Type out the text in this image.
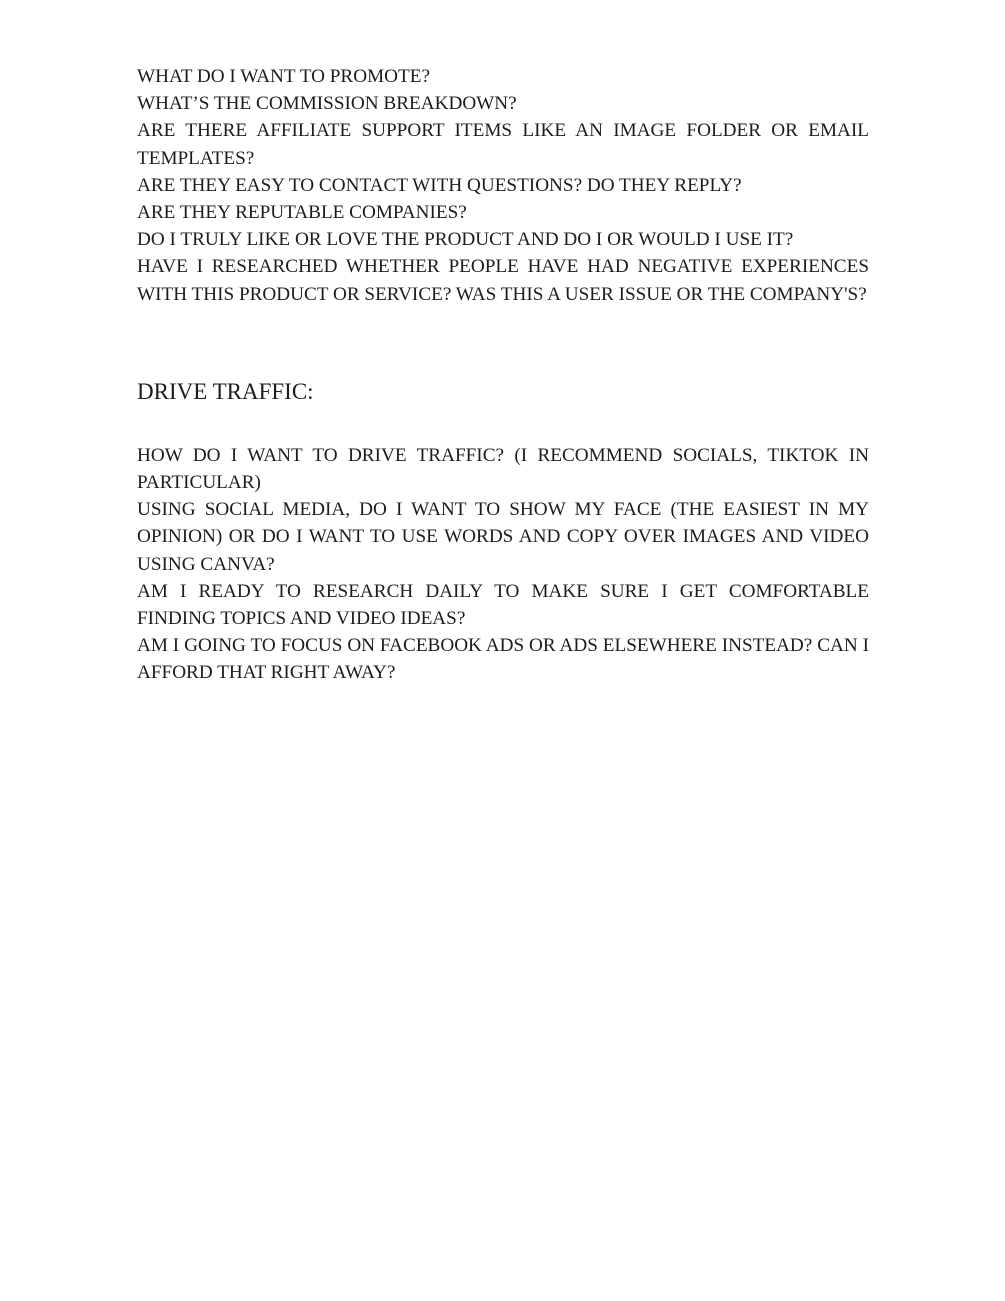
WHAT DO I WANT TO PROMOTE?

WHAT’S THE COMMISSION BREAKDOWN?

ARE THERE AFFILIATE SUPPORT ITEMS LIKE AN IMAGE FOLDER OR EMAIL TEMPLATES?

ARE THEY EASY TO CONTACT WITH QUESTIONS? DO THEY REPLY?

ARE THEY REPUTABLE COMPANIES?

DO I TRULY LIKE OR LOVE THE PRODUCT AND DO I OR WOULD I USE IT?

HAVE I RESEARCHED WHETHER PEOPLE HAVE HAD NEGATIVE EXPERIENCES WITH THIS PRODUCT OR SERVICE? WAS THIS A USER ISSUE OR THE COMPANY'S?

DRIVE TRAFFIC:

HOW DO I WANT TO DRIVE TRAFFIC? (I RECOMMEND SOCIALS, TIKTOK IN PARTICULAR)

USING SOCIAL MEDIA, DO I WANT TO SHOW MY FACE (THE EASIEST IN MY OPINION) OR DO I WANT TO USE WORDS AND COPY OVER IMAGES AND VIDEO USING CANVA?

AM I READY TO RESEARCH DAILY TO MAKE SURE I GET COMFORTABLE FINDING TOPICS AND VIDEO IDEAS?

AM I GOING TO FOCUS ON FACEBOOK ADS OR ADS ELSEWHERE INSTEAD? CAN I AFFORD THAT RIGHT AWAY?
